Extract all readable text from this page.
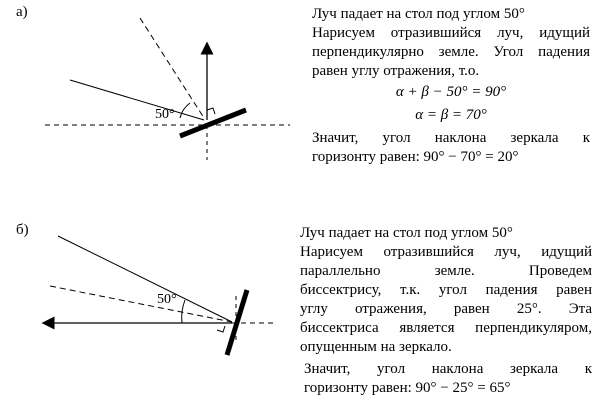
а)
б)
50°
50°

Луч падает на стол под углом 50°

Нарисуем отразившийся луч, идущий

перпендикулярно земле. Угол падения

равен углу отражения, т.о.

α + β − 50° = 90°

α = β = 70°

Значит, угол наклона зеркала к

горизонту равен: 90° − 70° = 20°

Луч падает на стол под углом 50°

Нарисуем отразившийся луч, идущий

параллельно земле. Проведем

биссектрису, т.к. угол падения равен

углу отражения, равен 25°. Эта

биссектриса является перпендикуляром,

опущенным на зеркало.

Значит, угол наклона зеркала к

горизонту равен: 90° − 25° = 65°
